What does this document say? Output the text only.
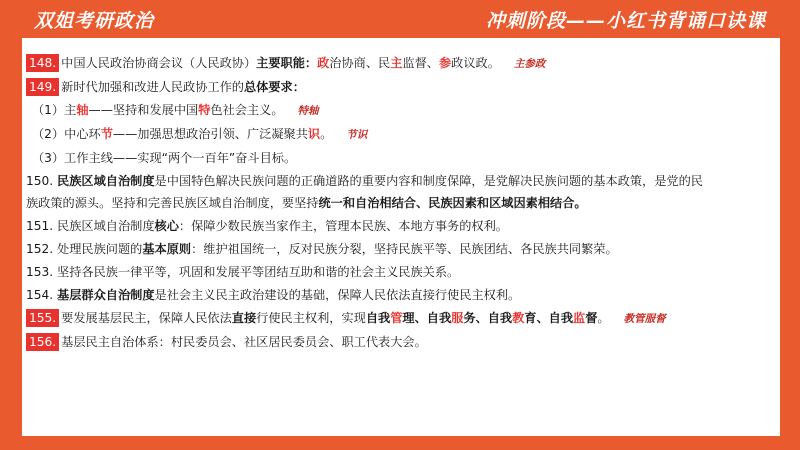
双姐考研政治	冲刺阶段——小红书背诵口诀课
148. 中国人民政治协商会议（人民政协）主要职能：政治协商、民主监督、参政议政。 主参政
149. 新时代加强和改进人民政协工作的总体要求：
（1）主轴——坚持和发展中国特色社会主义。 特轴
（2）中心环节——加强思想政治引领、广泛凝聚共识。 节识
（3）工作主线——实现“两个一百年”奋斗目标。
150. 民族区域自治制度是中国特色解决民族问题的正确道路的重要内容和制度保障，是党解决民族问题的基本政策，是党的民
族政策的源头。坚持和完善民族区域自治制度，要坚持统一和自治相结合、民族因素和区域因素相结合。
151. 民族区域自治制度核心：保障少数民族当家作主，管理本民族、本地方事务的权利。
152. 处理民族问题的基本原则：维护祖国统一，反对民族分裂，坚持民族平等、民族团结、各民族共同繁荣。
153. 坚持各民族一律平等，巩固和发展平等团结互助和谐的社会主义民族关系。
154. 基层群众自治制度是社会主义民主政治建设的基础，保障人民依法直接行使民主权利。
155. 要发展基层民主，保障人民依法直接行使民主权利，实现自我管理、自我服务、自我教育、自我监督。 教管服督
156. 基层民主自治体系：村民委员会、社区居民委员会、职工代表大会。
